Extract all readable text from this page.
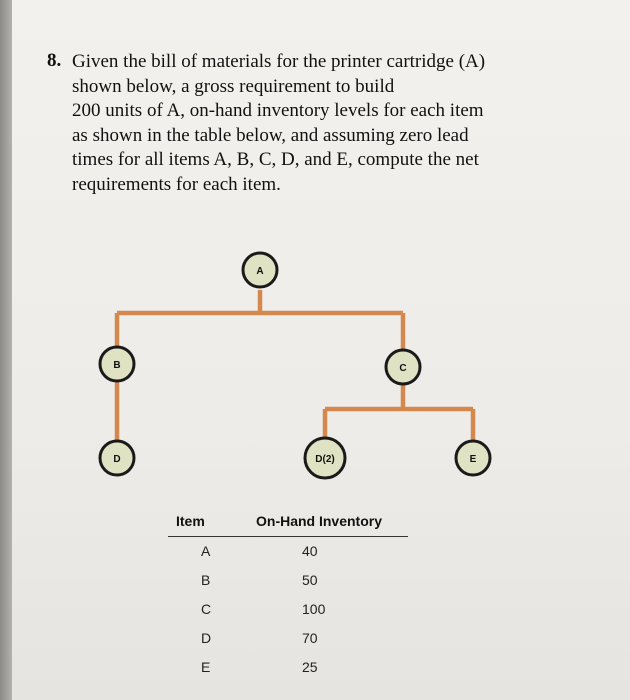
8. Given the bill of materials for the printer cartridge (A)
shown below, a gross requirement to build
200 units of A, on-hand inventory levels for each item
as shown in the table below, and assuming zero lead
times for all items A, B, C, D, and E, compute the net
requirements for each item.
A
B	C
D	D(2)	E
Item	On-Hand Inventory
A	40
B	50
C	100
D	70
E	25
